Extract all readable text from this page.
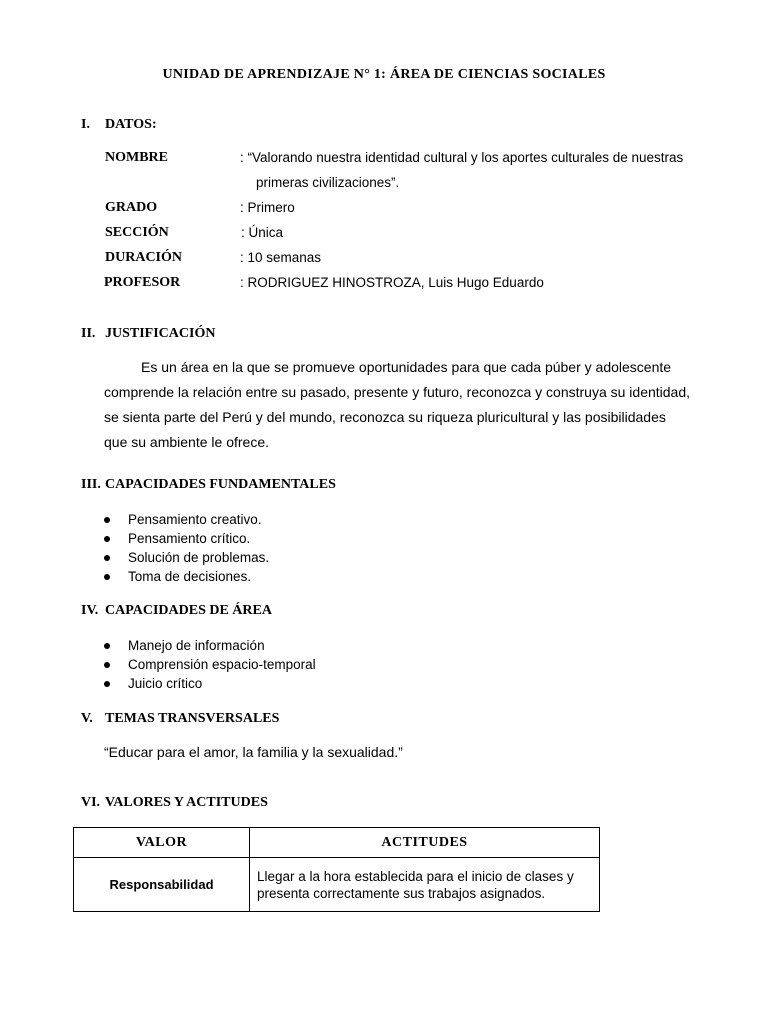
UNIDAD DE APRENDIZAJE N° 1: ÁREA DE CIENCIAS SOCIALES
I. DATOS:
NOMBRE	: “Valorando nuestra identidad cultural y los aportes culturales de nuestras
primeras civilizaciones”.
GRADO	: Primero
SECCIÓN	: Única
DURACIÓN	: 10 semanas
PROFESOR	: RODRIGUEZ HINOSTROZA, Luis Hugo Eduardo
II. JUSTIFICACIÓN
Es un área en la que se promueve oportunidades para que cada púber y adolescente
comprende la relación entre su pasado, presente y futuro, reconozca y construya su identidad,
se sienta parte del Perú y del mundo, reconozca su riqueza pluricultural y las posibilidades
que su ambiente le ofrece.
III. CAPACIDADES FUNDAMENTALES
Pensamiento creativo.
Pensamiento crítico.
Solución de problemas.
Toma de decisiones.
IV. CAPACIDADES DE ÁREA
Manejo de información
Comprensión espacio-temporal
Juicio crítico
V. TEMAS TRANSVERSALES
“Educar para el amor, la familia y la sexualidad.”
VI. VALORES Y ACTITUDES
VALOR	ACTITUDES
Responsabilidad	Llegar a la hora establecida para el inicio de clases y
presenta correctamente sus trabajos asignados.
